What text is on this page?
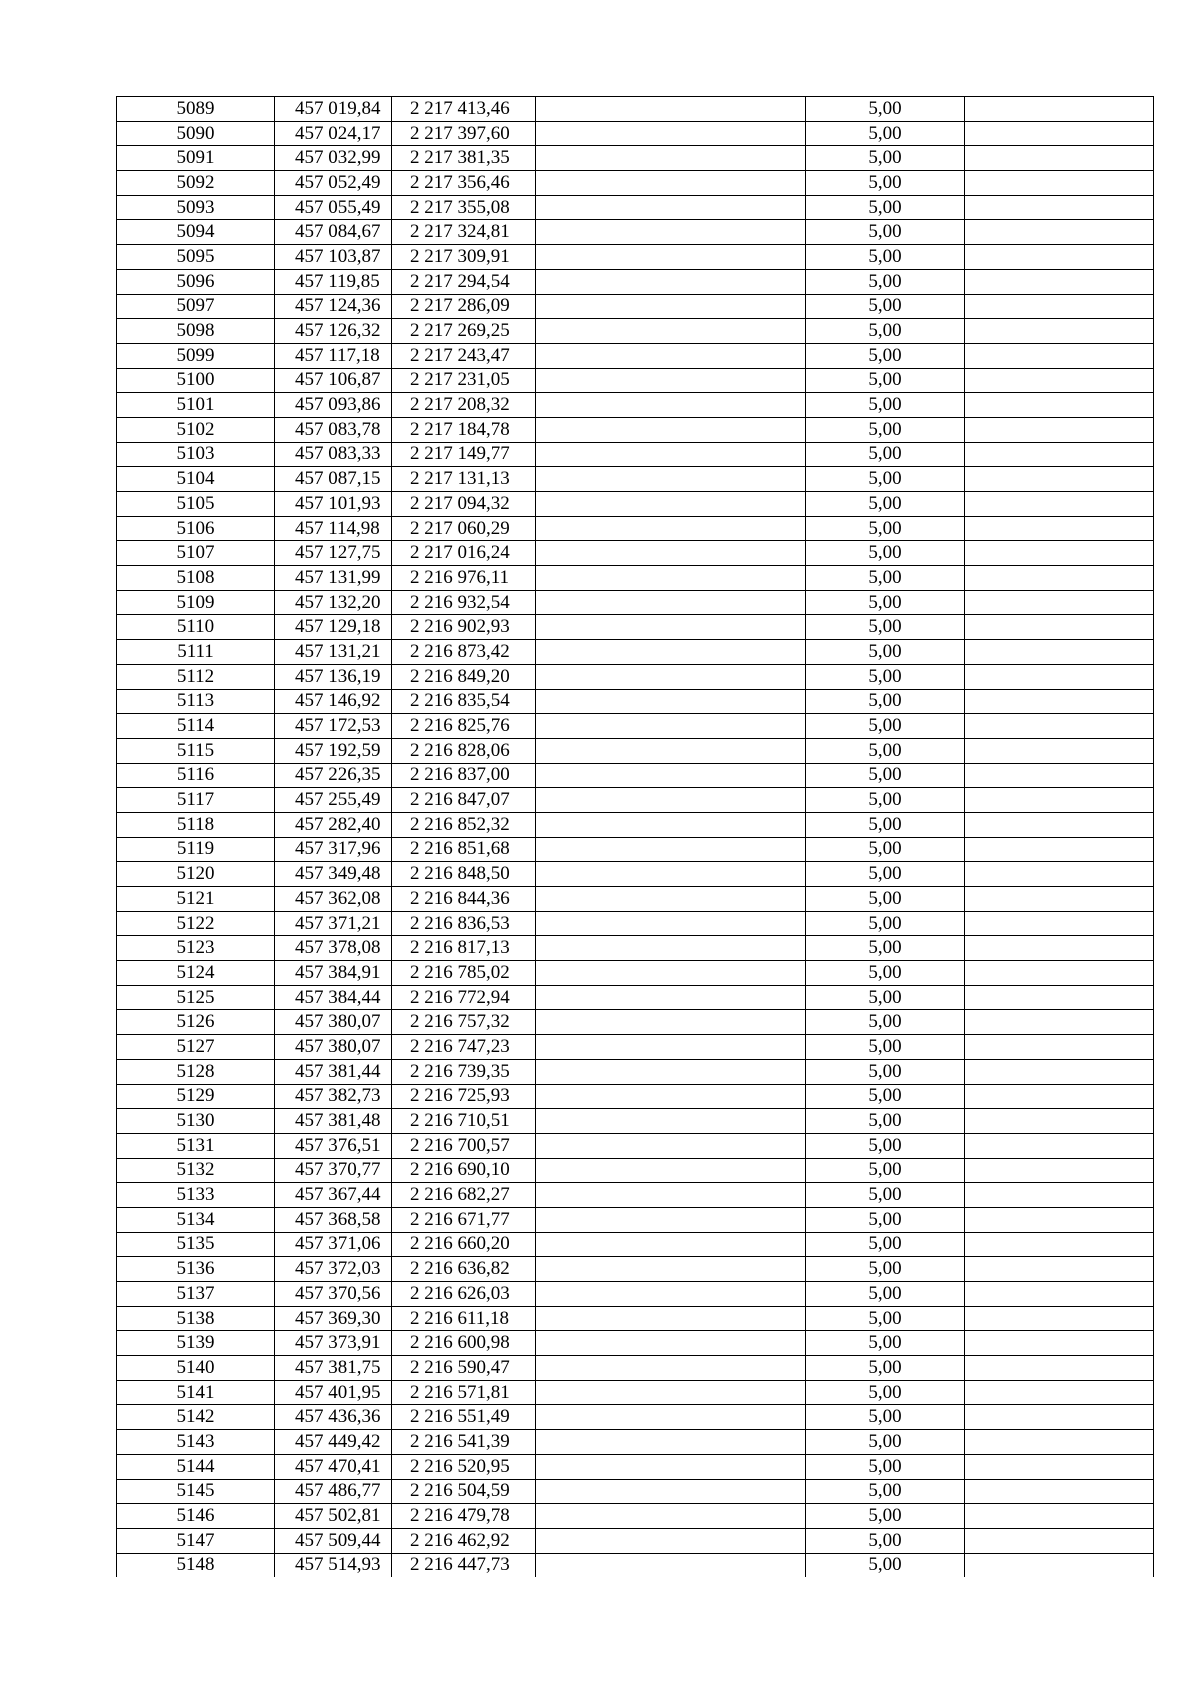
5089	457 019,84	2 217 413,46		5,00	
5090	457 024,17	2 217 397,60		5,00	
5091	457 032,99	2 217 381,35		5,00	
5092	457 052,49	2 217 356,46		5,00	
5093	457 055,49	2 217 355,08		5,00	
5094	457 084,67	2 217 324,81		5,00	
5095	457 103,87	2 217 309,91		5,00	
5096	457 119,85	2 217 294,54		5,00	
5097	457 124,36	2 217 286,09		5,00	
5098	457 126,32	2 217 269,25		5,00	
5099	457 117,18	2 217 243,47		5,00	
5100	457 106,87	2 217 231,05		5,00	
5101	457 093,86	2 217 208,32		5,00	
5102	457 083,78	2 217 184,78		5,00	
5103	457 083,33	2 217 149,77		5,00	
5104	457 087,15	2 217 131,13		5,00	
5105	457 101,93	2 217 094,32		5,00	
5106	457 114,98	2 217 060,29		5,00	
5107	457 127,75	2 217 016,24		5,00	
5108	457 131,99	2 216 976,11		5,00	
5109	457 132,20	2 216 932,54		5,00	
5110	457 129,18	2 216 902,93		5,00	
5111	457 131,21	2 216 873,42		5,00	
5112	457 136,19	2 216 849,20		5,00	
5113	457 146,92	2 216 835,54		5,00	
5114	457 172,53	2 216 825,76		5,00	
5115	457 192,59	2 216 828,06		5,00	
5116	457 226,35	2 216 837,00		5,00	
5117	457 255,49	2 216 847,07		5,00	
5118	457 282,40	2 216 852,32		5,00	
5119	457 317,96	2 216 851,68		5,00	
5120	457 349,48	2 216 848,50		5,00	
5121	457 362,08	2 216 844,36		5,00	
5122	457 371,21	2 216 836,53		5,00	
5123	457 378,08	2 216 817,13		5,00	
5124	457 384,91	2 216 785,02		5,00	
5125	457 384,44	2 216 772,94		5,00	
5126	457 380,07	2 216 757,32		5,00	
5127	457 380,07	2 216 747,23		5,00	
5128	457 381,44	2 216 739,35		5,00	
5129	457 382,73	2 216 725,93		5,00	
5130	457 381,48	2 216 710,51		5,00	
5131	457 376,51	2 216 700,57		5,00	
5132	457 370,77	2 216 690,10		5,00	
5133	457 367,44	2 216 682,27		5,00	
5134	457 368,58	2 216 671,77		5,00	
5135	457 371,06	2 216 660,20		5,00	
5136	457 372,03	2 216 636,82		5,00	
5137	457 370,56	2 216 626,03		5,00	
5138	457 369,30	2 216 611,18		5,00	
5139	457 373,91	2 216 600,98		5,00	
5140	457 381,75	2 216 590,47		5,00	
5141	457 401,95	2 216 571,81		5,00	
5142	457 436,36	2 216 551,49		5,00	
5143	457 449,42	2 216 541,39		5,00	
5144	457 470,41	2 216 520,95		5,00	
5145	457 486,77	2 216 504,59		5,00	
5146	457 502,81	2 216 479,78		5,00	
5147	457 509,44	2 216 462,92		5,00	
5148	457 514,93	2 216 447,73		5,00	
